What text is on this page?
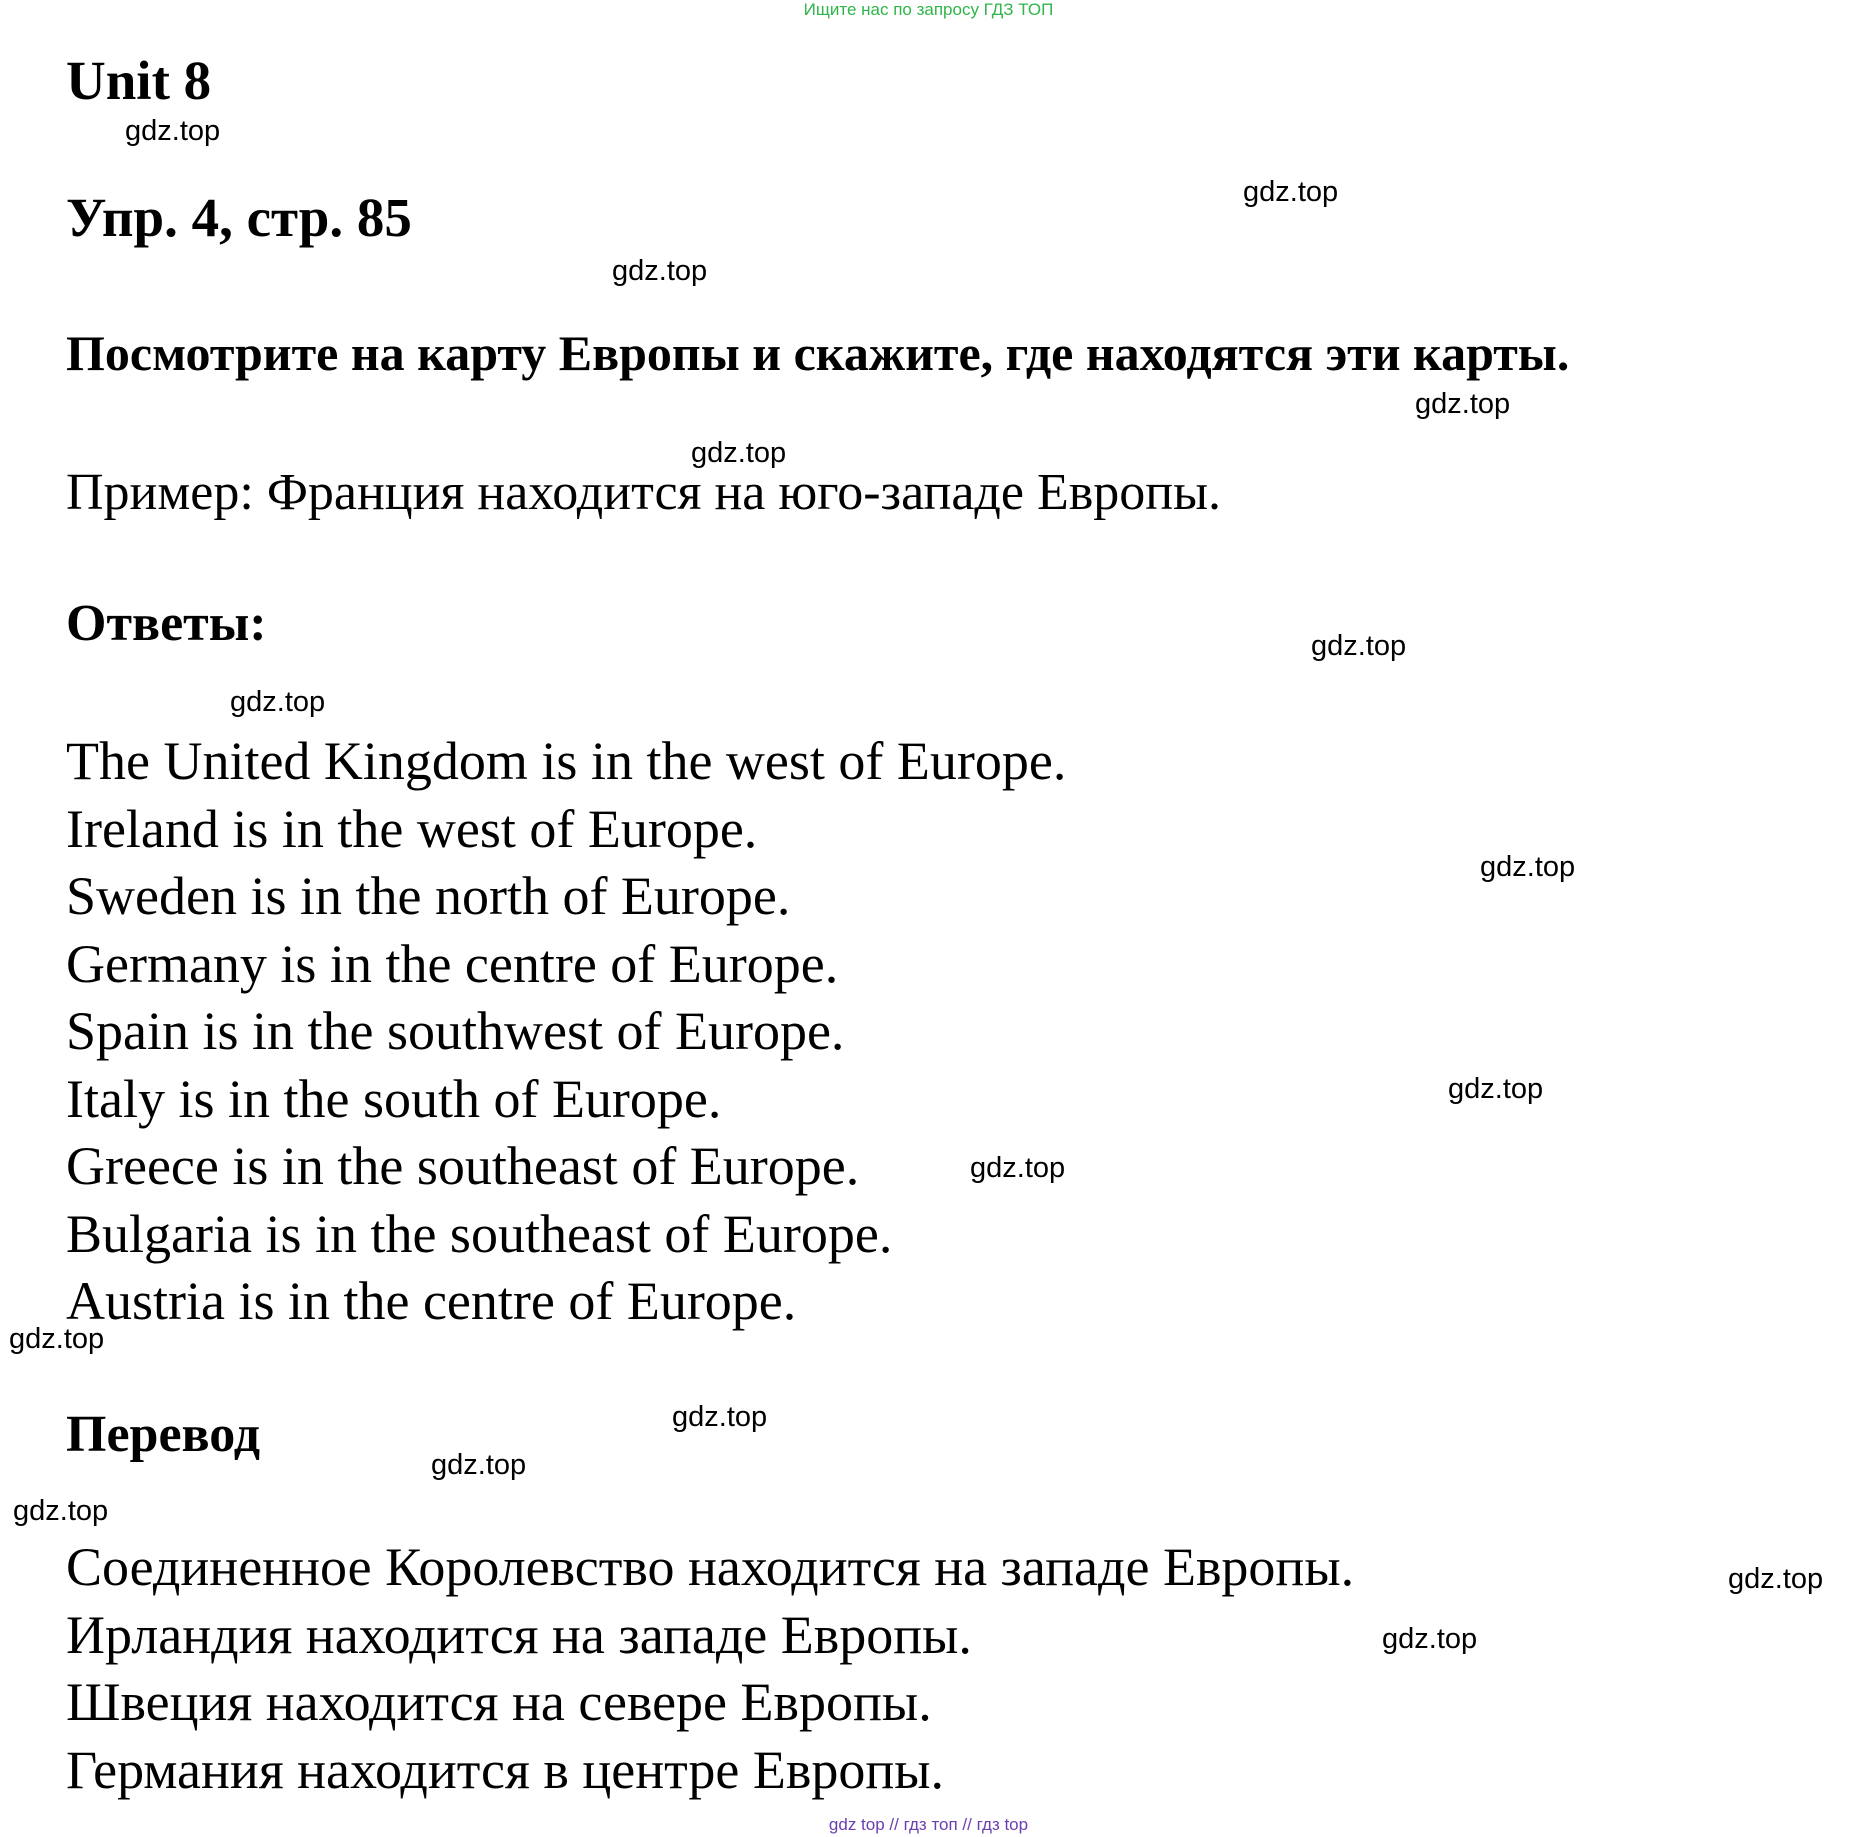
Ищите нас по запросу ГДЗ ТОП
Unit 8
Упр. 4, стр. 85
Посмотрите на карту Европы и скажите, где находятся эти карты.
Пример: Франция находится на юго-западе Европы.
Ответы:
The United Kingdom is in the west of Europe.
Ireland is in the west of Europe.
Sweden is in the north of Europe.
Germany is in the centre of Europe.
Spain is in the southwest of Europe.
Italy is in the south of Europe.
Greece is in the southeast of Europe.
Bulgaria is in the southeast of Europe.
Austria is in the centre of Europe.
Перевод
Соединенное Королевство находится на западе Европы.
Ирландия находится на западе Европы.
Швеция находится на севере Европы.
Германия находится в центре Европы.
gdz.top
gdz.top
gdz.top
gdz.top
gdz.top
gdz.top
gdz.top
gdz.top
gdz.top
gdz.top
gdz.top
gdz.top
gdz.top
gdz.top
gdz.top
gdz.top
gdz top // гдз топ // гдз top
